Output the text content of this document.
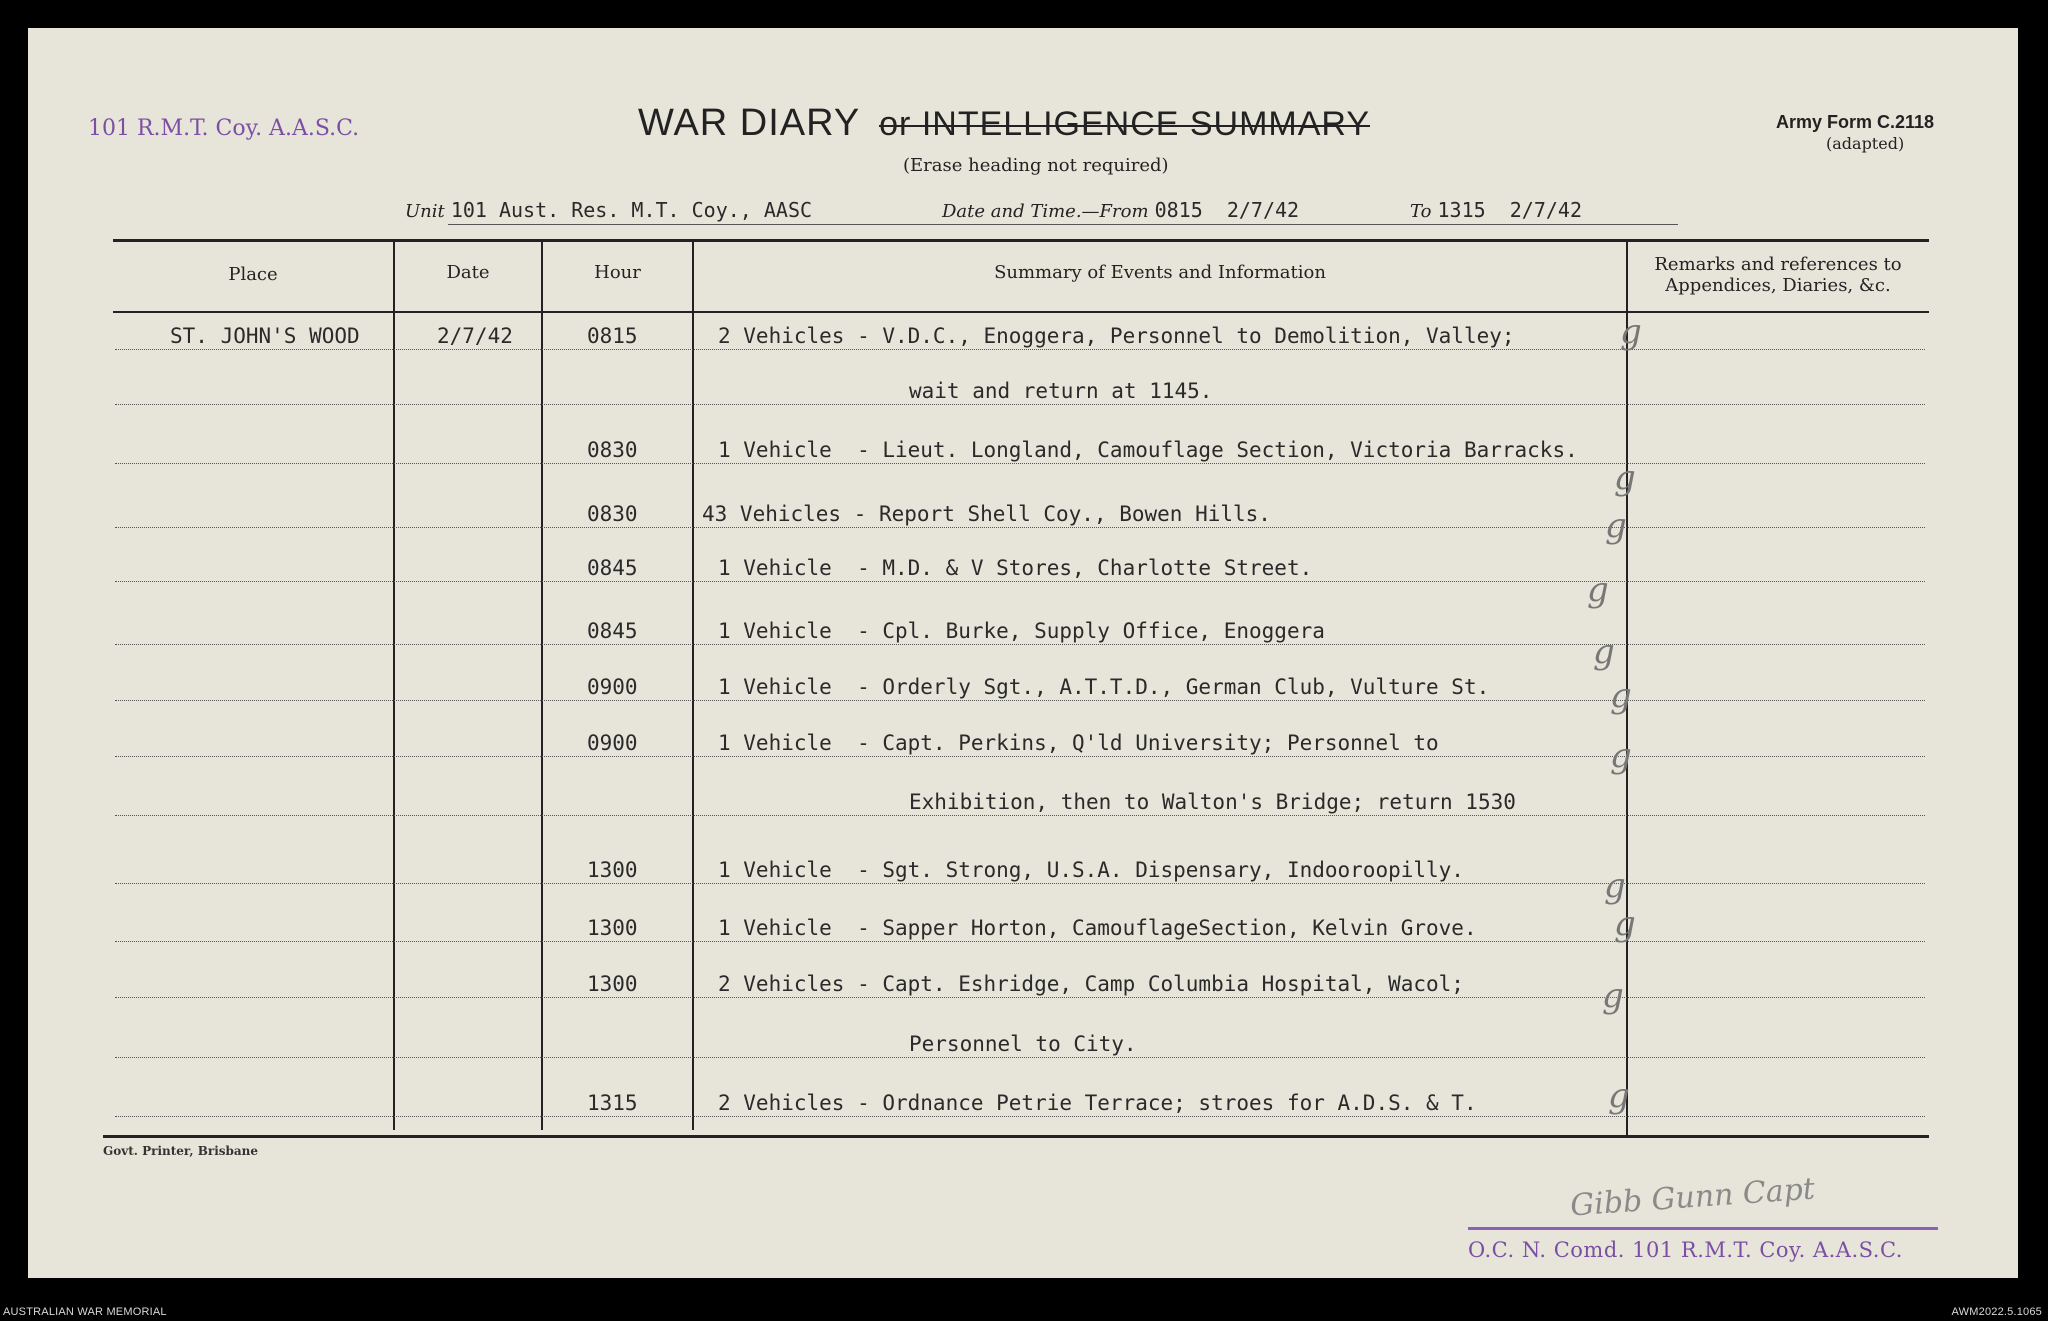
101 R.M.T. Coy. A.A.S.C.	WAR DIARY or INTELLIGENCE SUMMARY
(Erase heading not required)
Army Form C.2118
(adapted)
Unit 101 Aust. Res. M.T. Coy., AASC	Date and Time.—From 0815  2/7/42	To 1315  2/7/42
Place	Date	Hour	Summary of Events and Information	Remarks and references to
Appendices, Diaries, &c.
ST. JOHN'S WOOD	2/7/42	0815	2 Vehicles - V.D.C., Enoggera, Personnel to Demolition, Valley;
wait and return at 1145.
0830	1 Vehicle  - Lieut. Longland, Camouflage Section, Victoria Barracks.
0830	43 Vehicles - Report Shell Coy., Bowen Hills.
0845	1 Vehicle  - M.D. & V Stores, Charlotte Street.
0845	1 Vehicle  - Cpl. Burke, Supply Office, Enoggera
0900	1 Vehicle  - Orderly Sgt., A.T.T.D., German Club, Vulture St.
0900	1 Vehicle  - Capt. Perkins, Q'ld University; Personnel to
Exhibition, then to Walton's Bridge; return 1530
1300	1 Vehicle  - Sgt. Strong, U.S.A. Dispensary, Indooroopilly.
1300	1 Vehicle  - Sapper Horton, CamouflageSection, Kelvin Grove.
1300	2 Vehicles - Capt. Eshridge, Camp Columbia Hospital, Wacol;
Personnel to City.
1315	2 Vehicles - Ordnance Petrie Terrace; stroes for A.D.S. & T.
g
g
g
g
g
g
g
g
g
g
g
Govt. Printer, Brisbane
Gibb Gunn Capt
O.C. N. Comd. 101 R.M.T. Coy. A.A.S.C.
AUSTRALIAN WAR MEMORIAL	AWM2022.5.1065
